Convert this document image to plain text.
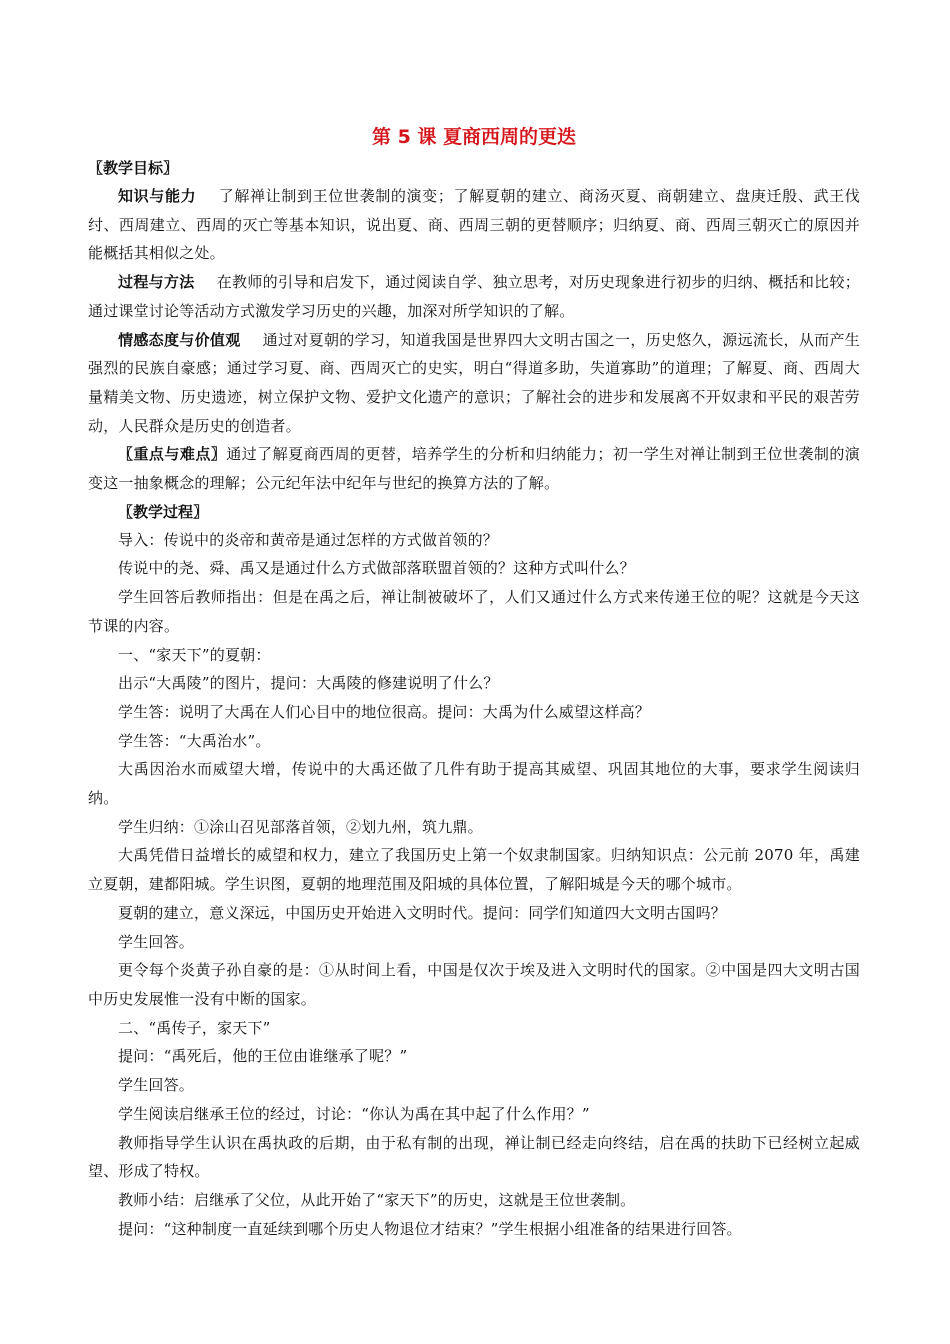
第 5 课 夏商西周的更迭
〖教学目标〗

知识与能力 了解禅让制到王位世袭制的演变；了解夏朝的建立、商汤灭夏、商朝建立、盘庚迁殷、武王伐纣、西周建立、西周的灭亡等基本知识，说出夏、商、西周三朝的更替顺序；归纳夏、商、西周三朝灭亡的原因并能概括其相似之处。

过程与方法 在教师的引导和启发下，通过阅读自学、独立思考，对历史现象进行初步的归纳、概括和比较；通过课堂讨论等活动方式激发学习历史的兴趣，加深对所学知识的了解。

情感态度与价值观 通过对夏朝的学习，知道我国是世界四大文明古国之一，历史悠久，源远流长，从而产生强烈的民族自豪感；通过学习夏、商、西周灭亡的史实，明白“得道多助，失道寡助”的道理；了解夏、商、西周大量精美文物、历史遗迹，树立保护文物、爱护文化遗产的意识；了解社会的进步和发展离不开奴隶和平民的艰苦劳动，人民群众是历史的创造者。

〖重点与难点〗通过了解夏商西周的更替，培养学生的分析和归纳能力；初一学生对禅让制到王位世袭制的演变这一抽象概念的理解；公元纪年法中纪年与世纪的换算方法的了解。

〖教学过程〗

导入：传说中的炎帝和黄帝是通过怎样的方式做首领的？

传说中的尧、舜、禹又是通过什么方式做部落联盟首领的？这种方式叫什么？

学生回答后教师指出：但是在禹之后，禅让制被破坏了，人们又通过什么方式来传递王位的呢？这就是今天这节课的内容。

一、“家天下”的夏朝：

出示“大禹陵”的图片，提问：大禹陵的修建说明了什么？

学生答：说明了大禹在人们心目中的地位很高。提问：大禹为什么威望这样高？

学生答：“大禹治水”。

大禹因治水而威望大增，传说中的大禹还做了几件有助于提高其威望、巩固其地位的大事，要求学生阅读归纳。

学生归纳：①涂山召见部落首领，②划九州，筑九鼎。

大禹凭借日益增长的威望和权力，建立了我国历史上第一个奴隶制国家。归纳知识点：公元前 2070 年，禹建立夏朝，建都阳城。学生识图，夏朝的地理范围及阳城的具体位置，了解阳城是今天的哪个城市。

夏朝的建立，意义深远，中国历史开始进入文明时代。提问：同学们知道四大文明古国吗？

学生回答。

更令每个炎黄子孙自豪的是：①从时间上看，中国是仅次于埃及进入文明时代的国家。②中国是四大文明古国中历史发展惟一没有中断的国家。

二、“禹传子，家天下”

提问：“禹死后，他的王位由谁继承了呢？”

学生回答。

学生阅读启继承王位的经过，讨论：“你认为禹在其中起了什么作用？”

教师指导学生认识在禹执政的后期，由于私有制的出现，禅让制已经走向终结，启在禹的扶助下已经树立起威望、形成了特权。

教师小结：启继承了父位，从此开始了“家天下”的历史，这就是王位世袭制。

提问：“这种制度一直延续到哪个历史人物退位才结束？”学生根据小组准备的结果进行回答。
